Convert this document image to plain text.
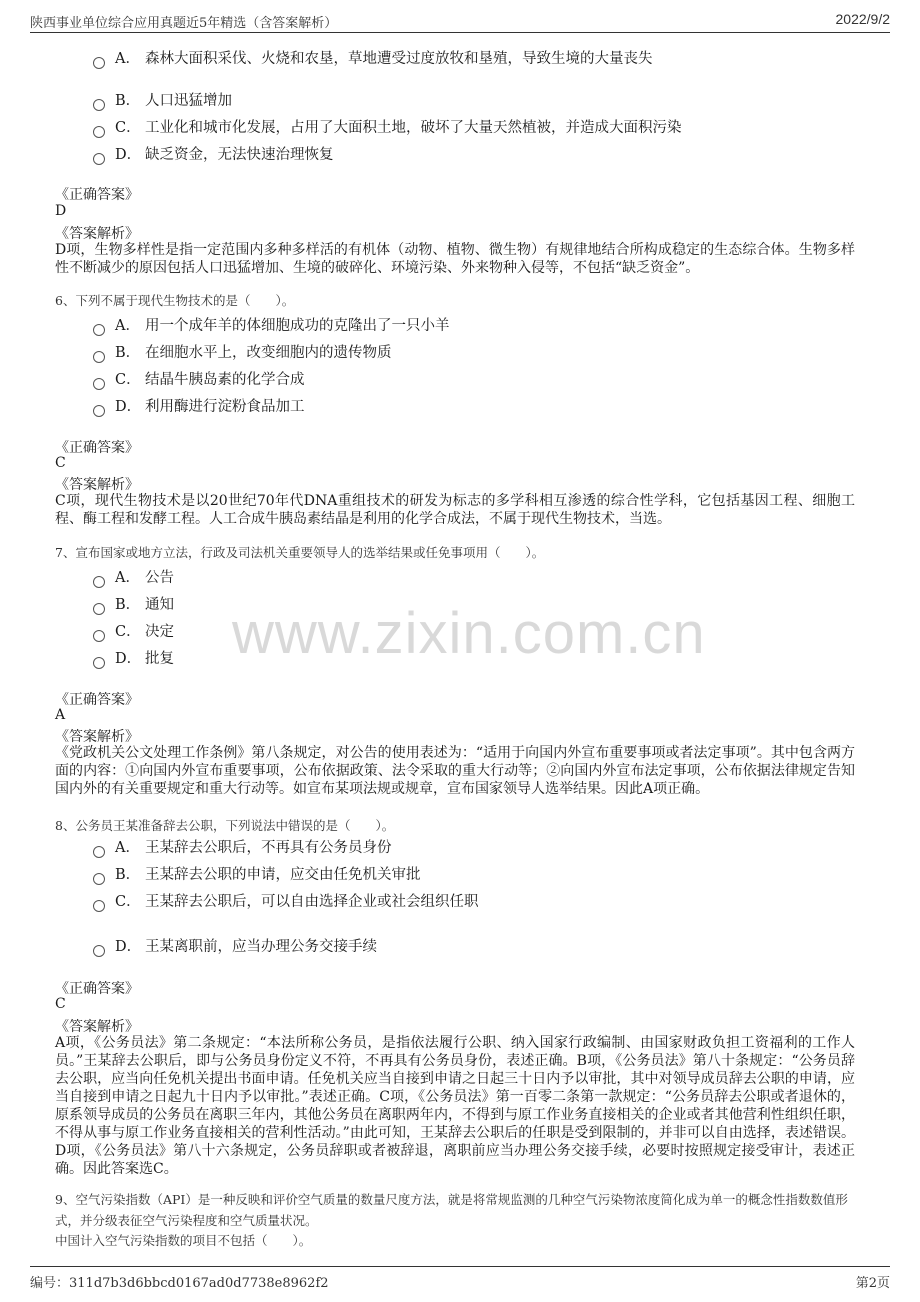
陕西事业单位综合应用真题近5年精选（含答案解析）	2022/9/2
www.zixin.com.cn
A． 森林大面积采伐、火烧和农垦，草地遭受过度放牧和垦殖，导致生境的大量丧失
B． 人口迅猛增加
C． 工业化和城市化发展，占用了大面积土地，破坏了大量天然植被，并造成大面积污染
D． 缺乏资金，无法快速治理恢复
《正确答案》
D
《答案解析》
D项，生物多样性是指一定范围内多种多样活的有机体（动物、植物、微生物）有规律地结合所构成稳定的生态综合体。生物多样性不断减少的原因包括人口迅猛增加、生境的破碎化、环境污染、外来物种入侵等，不包括“缺乏资金”。
6、下列不属于现代生物技术的是（　　）。
A． 用一个成年羊的体细胞成功的克隆出了一只小羊
B． 在细胞水平上，改变细胞内的遗传物质
C． 结晶牛胰岛素的化学合成
D． 利用酶进行淀粉食品加工
《正确答案》
C
《答案解析》
C项，现代生物技术是以20世纪70年代DNA重组技术的研发为标志的多学科相互渗透的综合性学科，它包括基因工程、细胞工程、酶工程和发酵工程。人工合成牛胰岛素结晶是利用的化学合成法，不属于现代生物技术，当选。
7、宣布国家或地方立法，行政及司法机关重要领导人的选举结果或任免事项用（　　）。
A． 公告
B． 通知
C． 决定
D． 批复
《正确答案》
A
《答案解析》
《党政机关公文处理工作条例》第八条规定，对公告的使用表述为：“适用于向国内外宣布重要事项或者法定事项”。其中包含两方面的内容：①向国内外宣布重要事项，公布依据政策、法令采取的重大行动等；②向国内外宣布法定事项，公布依据法律规定告知国内外的有关重要规定和重大行动等。如宣布某项法规或规章，宣布国家领导人选举结果。因此A项正确。
8、公务员王某准备辞去公职，下列说法中错误的是（　　）。
A． 王某辞去公职后，不再具有公务员身份
B． 王某辞去公职的申请，应交由任免机关审批
C． 王某辞去公职后，可以自由选择企业或社会组织任职
D． 王某离职前，应当办理公务交接手续
《正确答案》
C
《答案解析》
A项，《公务员法》第二条规定：“本法所称公务员，是指依法履行公职、纳入国家行政编制、由国家财政负担工资福利的工作人员。”王某辞去公职后，即与公务员身份定义不符，不再具有公务员身份，表述正确。B项，《公务员法》第八十条规定：“公务员辞去公职，应当向任免机关提出书面申请。任免机关应当自接到申请之日起三十日内予以审批，其中对领导成员辞去公职的申请，应当自接到申请之日起九十日内予以审批。”表述正确。C项，《公务员法》第一百零二条第一款规定：“公务员辞去公职或者退休的，原系领导成员的公务员在离职三年内，其他公务员在离职两年内，不得到与原工作业务直接相关的企业或者其他营利性组织任职，不得从事与原工作业务直接相关的营利性活动。”由此可知，王某辞去公职后的任职是受到限制的，并非可以自由选择，表述错误。D项，《公务员法》第八十六条规定，公务员辞职或者被辞退，离职前应当办理公务交接手续，必要时按照规定接受审计，表述正确。因此答案选C。
9、空气污染指数（API）是一种反映和评价空气质量的数量尺度方法，就是将常规监测的几种空气污染物浓度简化成为单一的概念性指数数值形式，并分级表征空气污染程度和空气质量状况。
中国计入空气污染指数的项目不包括（　　）。
编号：311d7b3d6bbcd0167ad0d7738e8962f2	第2页
